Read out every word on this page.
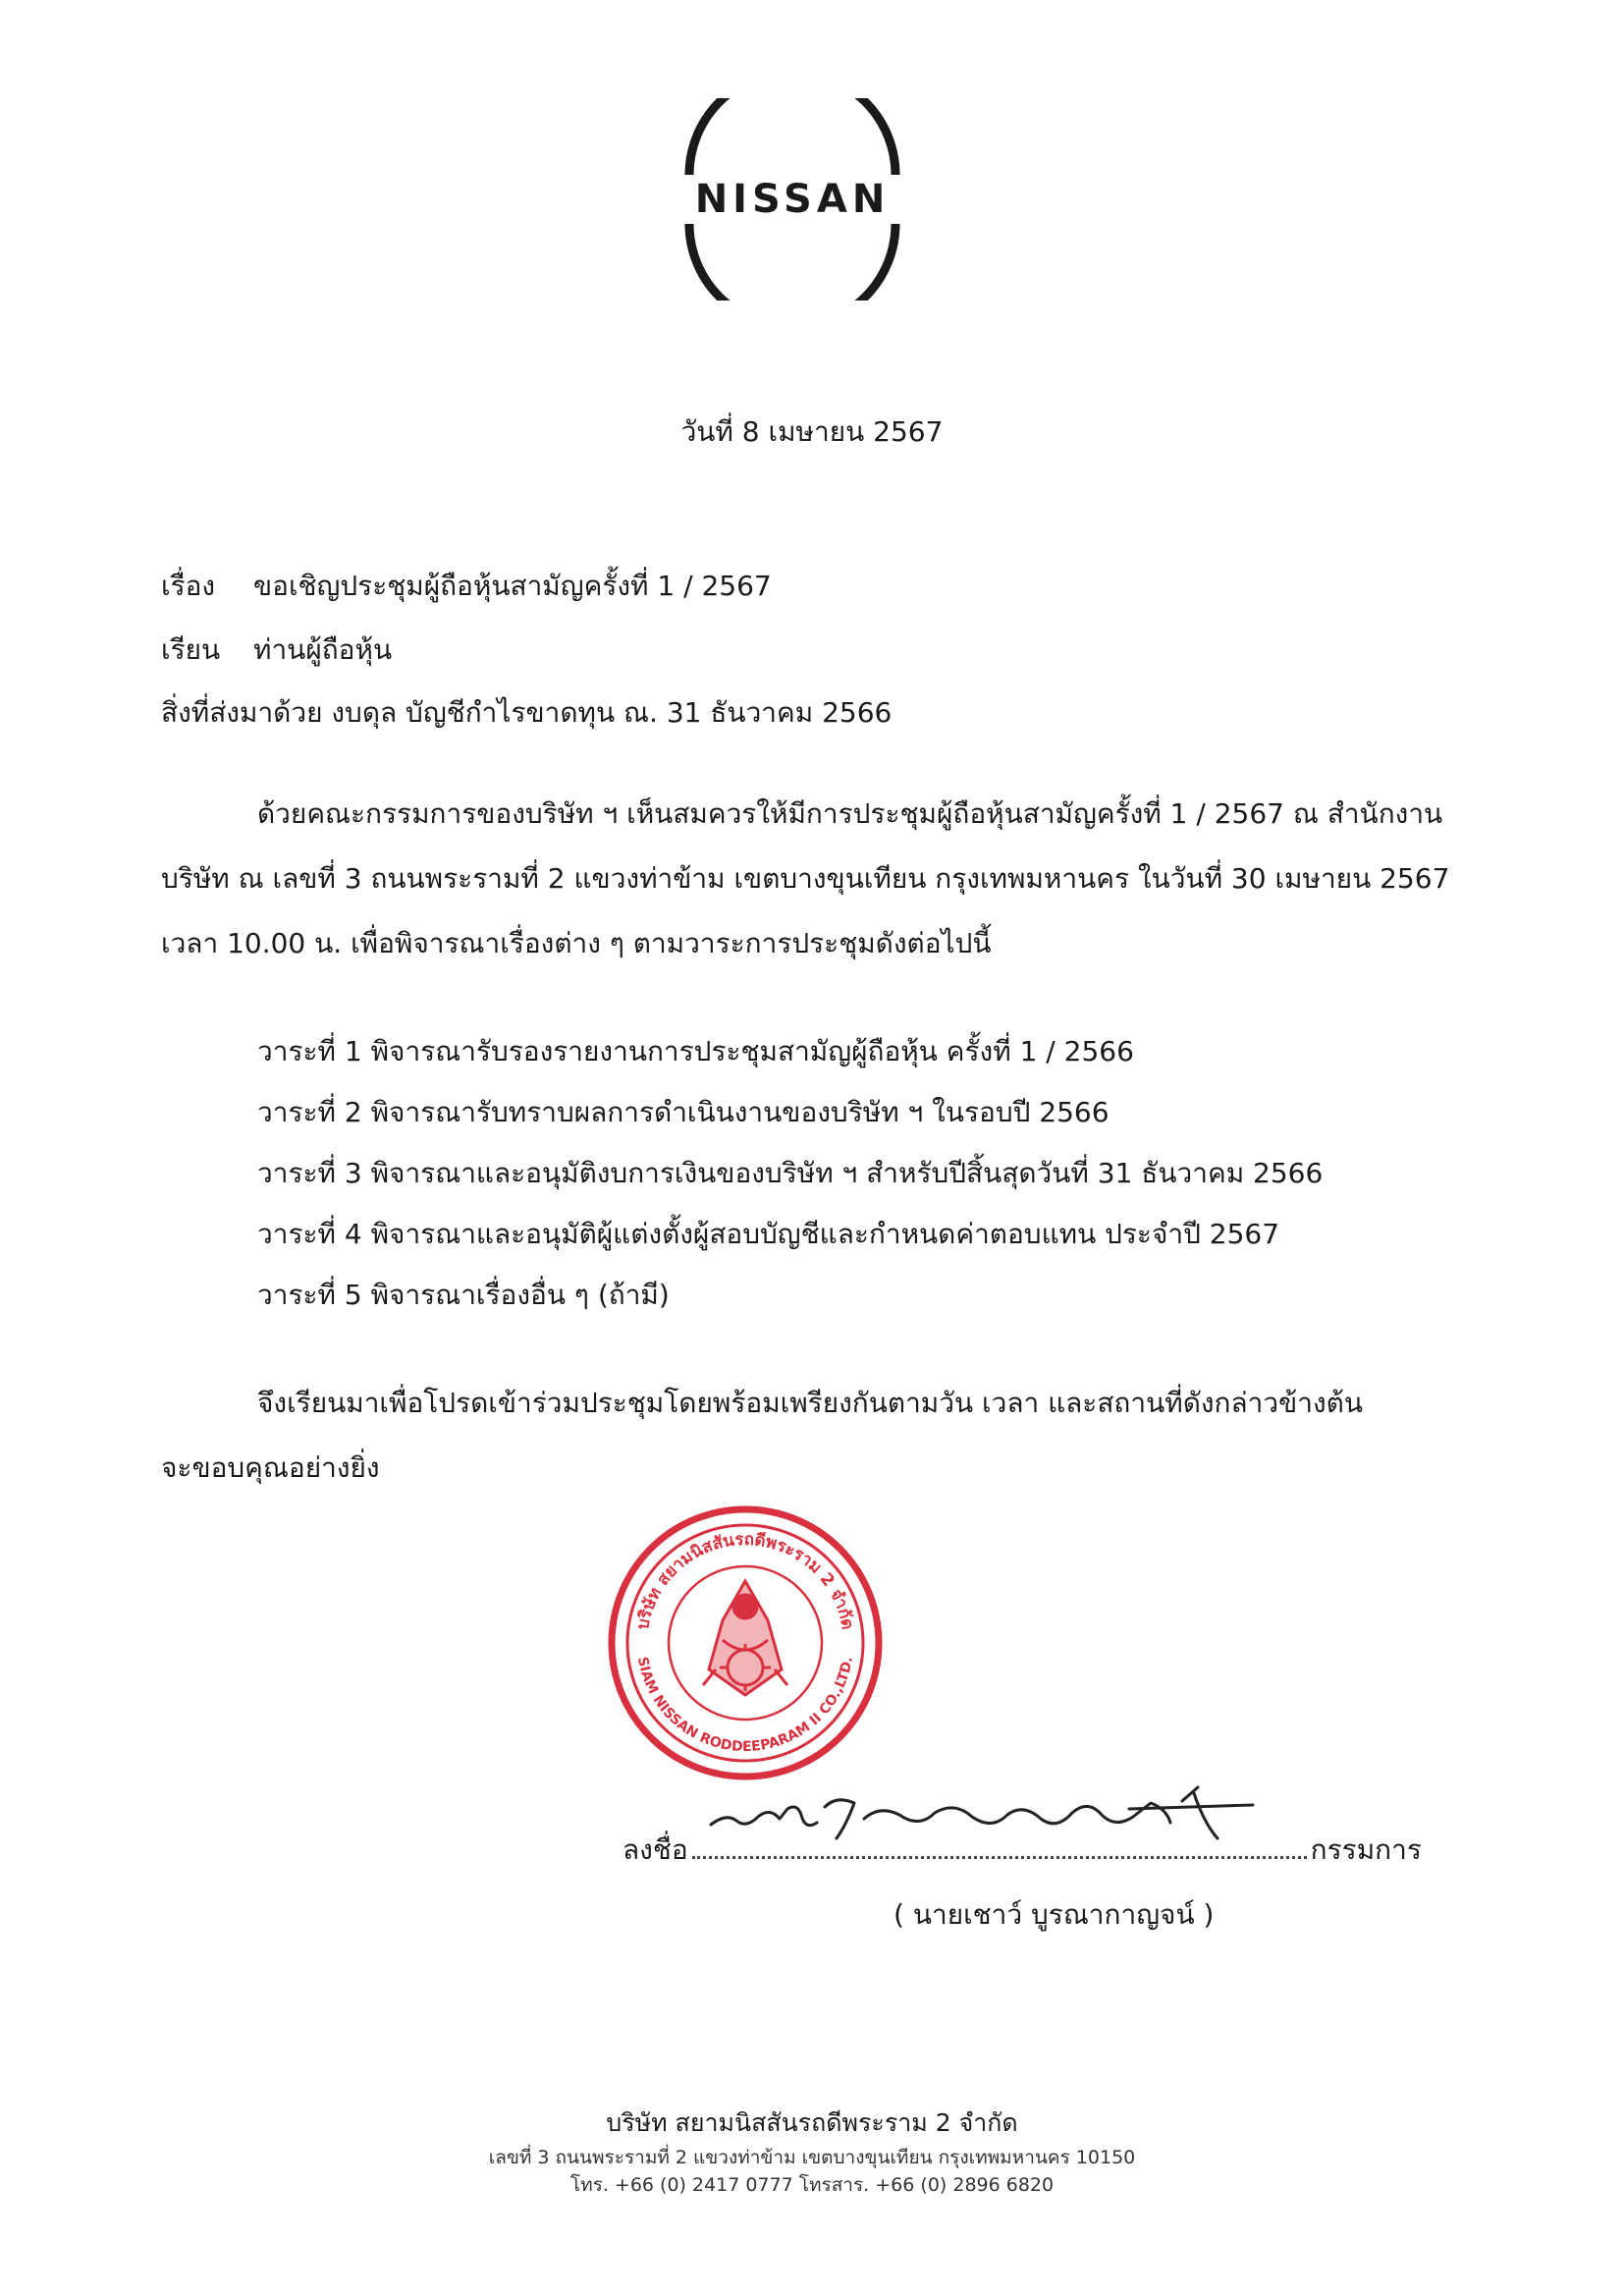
NISSAN
วันที่ 8 เมษายน 2567
เรื่อง ขอเชิญประชุมผู้ถือหุ้นสามัญครั้งที่ 1 / 2567
เรียน ท่านผู้ถือหุ้น
สิ่งที่ส่งมาด้วย งบดุล บัญชีกำไรขาดทุน ณ. 31 ธันวาคม 2566
ด้วยคณะกรรมการของบริษัท ฯ เห็นสมควรให้มีการประชุมผู้ถือหุ้นสามัญครั้งที่ 1 / 2567 ณ สำนักงาน
บริษัท ณ เลขที่ 3 ถนนพระรามที่ 2 แขวงท่าข้าม เขตบางขุนเทียน กรุงเทพมหานคร ในวันที่ 30 เมษายน 2567
เวลา 10.00 น. เพื่อพิจารณาเรื่องต่าง ๆ ตามวาระการประชุมดังต่อไปนี้
วาระที่ 1 พิจารณารับรองรายงานการประชุมสามัญผู้ถือหุ้น ครั้งที่ 1 / 2566
วาระที่ 2 พิจารณารับทราบผลการดำเนินงานของบริษัท ฯ ในรอบปี 2566
วาระที่ 3 พิจารณาและอนุมัติงบการเงินของบริษัท ฯ สำหรับปีสิ้นสุดวันที่ 31 ธันวาคม 2566
วาระที่ 4 พิจารณาและอนุมัติผู้แต่งตั้งผู้สอบบัญชีและกำหนดค่าตอบแทน ประจำปี 2567
วาระที่ 5 พิจารณาเรื่องอื่น ๆ (ถ้ามี)
จึงเรียนมาเพื่อโปรดเข้าร่วมประชุมโดยพร้อมเพรียงกันตามวัน เวลา และสถานที่ดังกล่าวข้างต้น
จะขอบคุณอย่างยิ่ง
บริษัท สยามนิสสันรถดีพระราม 2 จำกัด
SIAM NISSAN RODDEEPARAM II CO.,LTD.
ลงชื่อ	กรรมการ
( นายเชาว์ บูรณากาญจน์ )
บริษัท สยามนิสสันรถดีพระราม 2 จำกัด
เลขที่ 3 ถนนพระรามที่ 2 แขวงท่าข้าม เขตบางขุนเทียน กรุงเทพมหานคร 10150
โทร. +66 (0) 2417 0777 โทรสาร. +66 (0) 2896 6820
